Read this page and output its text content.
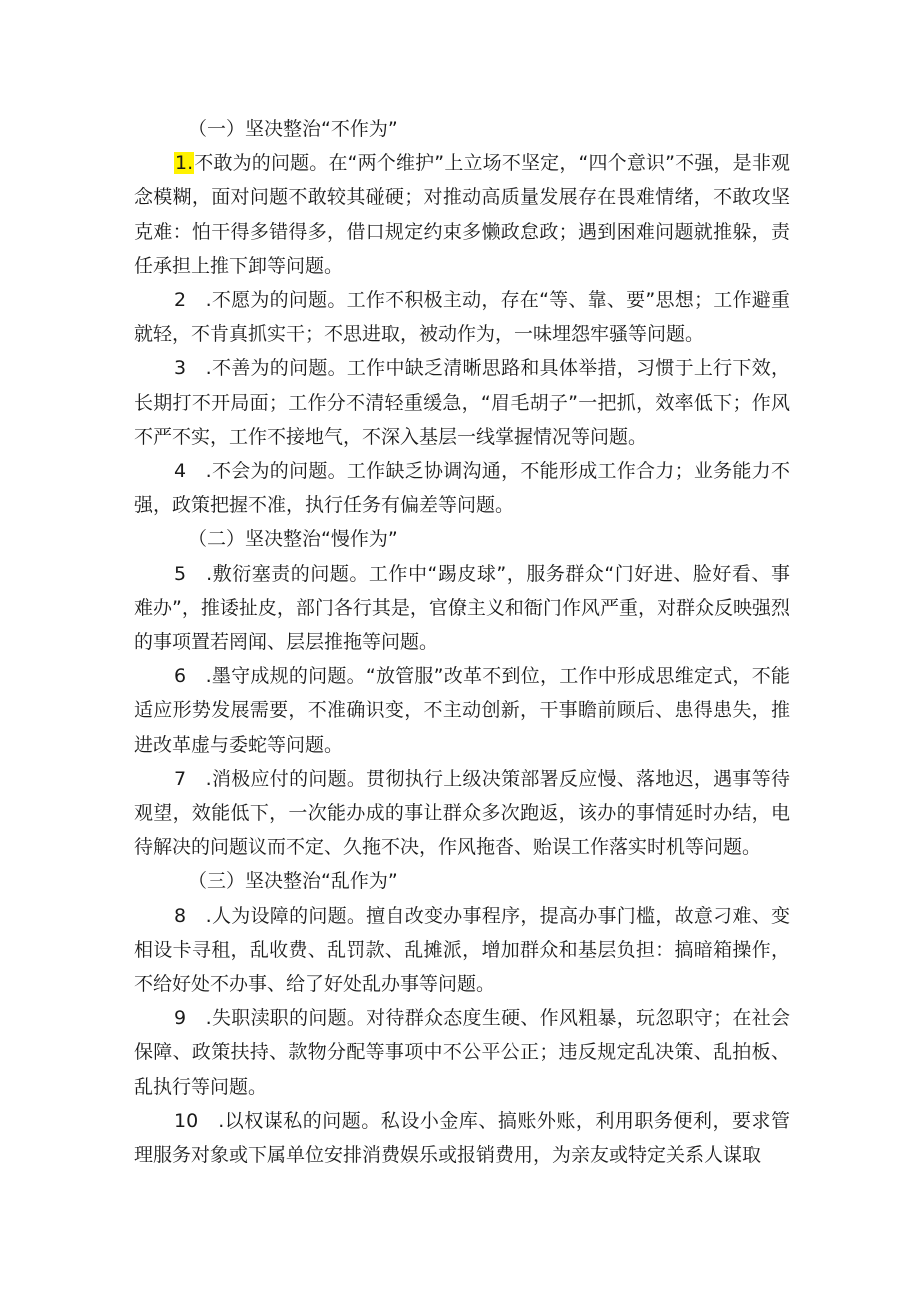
（一）坚决整治“不作为”

1.不敢为的问题。在“两个维护”上立场不坚定，“四个意识”不强，是非观念模糊，面对问题不敢较其碰硬；对推动高质量发展存在畏难情绪，不敢攻坚克难：怕干得多错得多，借口规定约束多懒政怠政；遇到困难问题就推躲，责任承担上推下卸等问题。

2　.不愿为的问题。工作不积极主动，存在“等、靠、要”思想；工作避重就轻，不肯真抓实干；不思进取，被动作为，一味埋怨牢骚等问题。

3　.不善为的问题。工作中缺乏清晰思路和具体举措，习惯于上行下效，长期打不开局面；工作分不清轻重缓急，“眉毛胡子”一把抓，效率低下；作风不严不实，工作不接地气，不深入基层一线掌握情况等问题。

4　.不会为的问题。工作缺乏协调沟通，不能形成工作合力；业务能力不强，政策把握不准，执行任务有偏差等问题。

（二）坚决整治“慢作为”

5　.敷衍塞责的问题。工作中“踢皮球”，服务群众“门好进、脸好看、事难办”，推诿扯皮，部门各行其是，官僚主义和衙门作风严重，对群众反映强烈的事项置若罔闻、层层推拖等问题。

6　.墨守成规的问题。“放管服”改革不到位，工作中形成思维定式，不能适应形势发展需要，不准确识变，不主动创新，干事瞻前顾后、患得患失，推进改革虚与委蛇等问题。

7　.消极应付的问题。贯彻执行上级决策部署反应慢、落地迟，遇事等待观望，效能低下，一次能办成的事让群众多次跑返，该办的事情延时办结，电待解决的问题议而不定、久拖不决，作风拖沓、贻误工作落实时机等问题。

（三）坚决整治“乱作为”

8　.人为设障的问题。擅自改变办事程序，提高办事门槛，故意刁难、变相设卡寻租，乱收费、乱罚款、乱摊派，增加群众和基层负担：搞暗箱操作，不给好处不办事、给了好处乱办事等问题。

9　.失职渎职的问题。对待群众态度生硬、作风粗暴，玩忽职守；在社会保障、政策扶持、款物分配等事项中不公平公正；违反规定乱决策、乱拍板、乱执行等问题。

10　.以权谋私的问题。私设小金库、搞账外账，利用职务便利，要求管理服务对象或下属单位安排消费娱乐或报销费用，为亲友或特定关系人谋取
